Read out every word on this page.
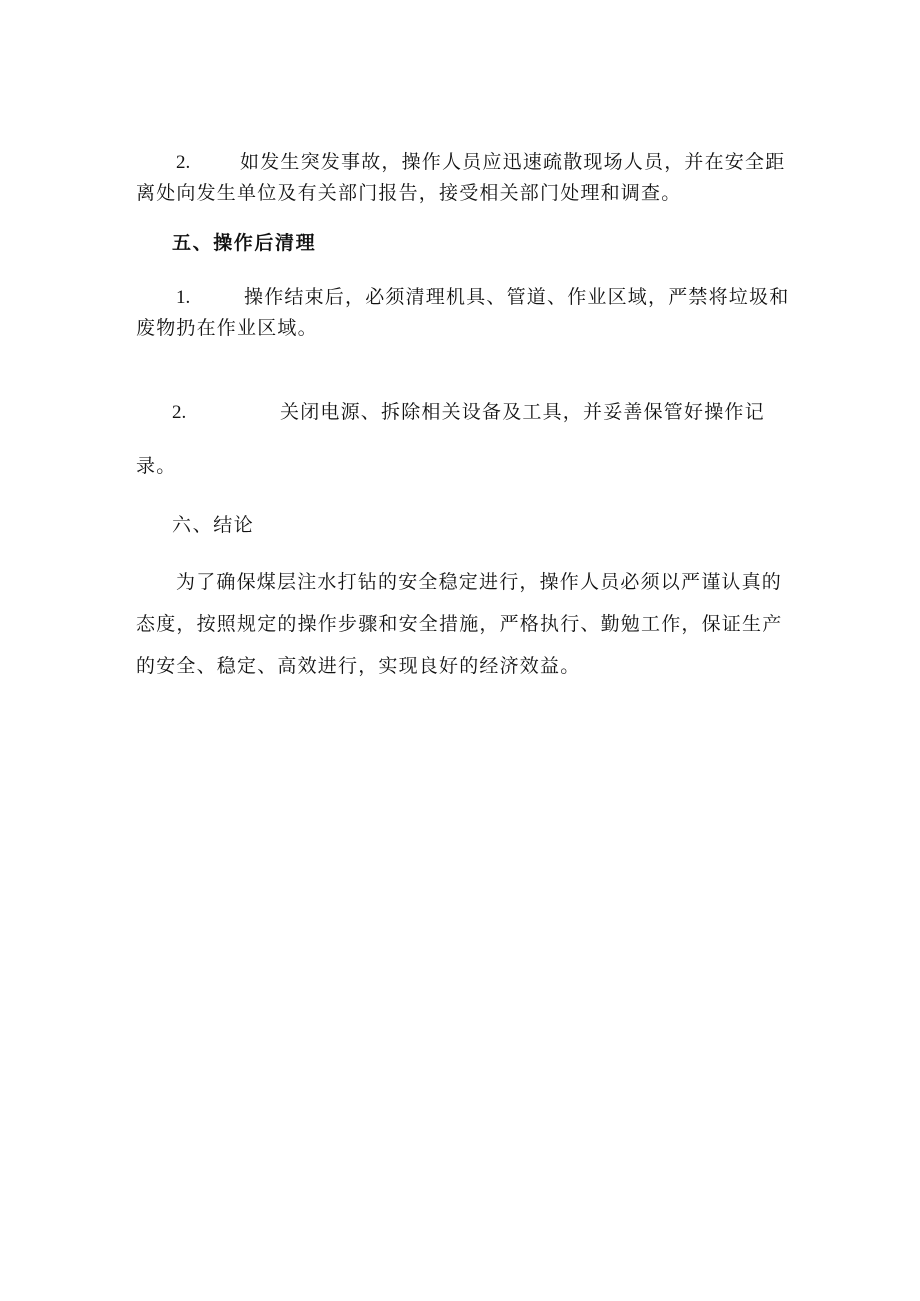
2.	如发生突发事故，操作人员应迅速疏散现场人员，并在安全距
离处向发生单位及有关部门报告，接受相关部门处理和调查。
五、操作后清理
1.	操作结束后，必须清理机具、管道、作业区域，严禁将垃圾和
废物扔在作业区域。
2.	关闭电源、拆除相关设备及工具，并妥善保管好操作记
录。
六、结论
为了确保煤层注水打钻的安全稳定进行，操作人员必须以严谨认真的
态度，按照规定的操作步骤和安全措施，严格执行、勤勉工作，保证生产
的安全、稳定、高效进行，实现良好的经济效益。
